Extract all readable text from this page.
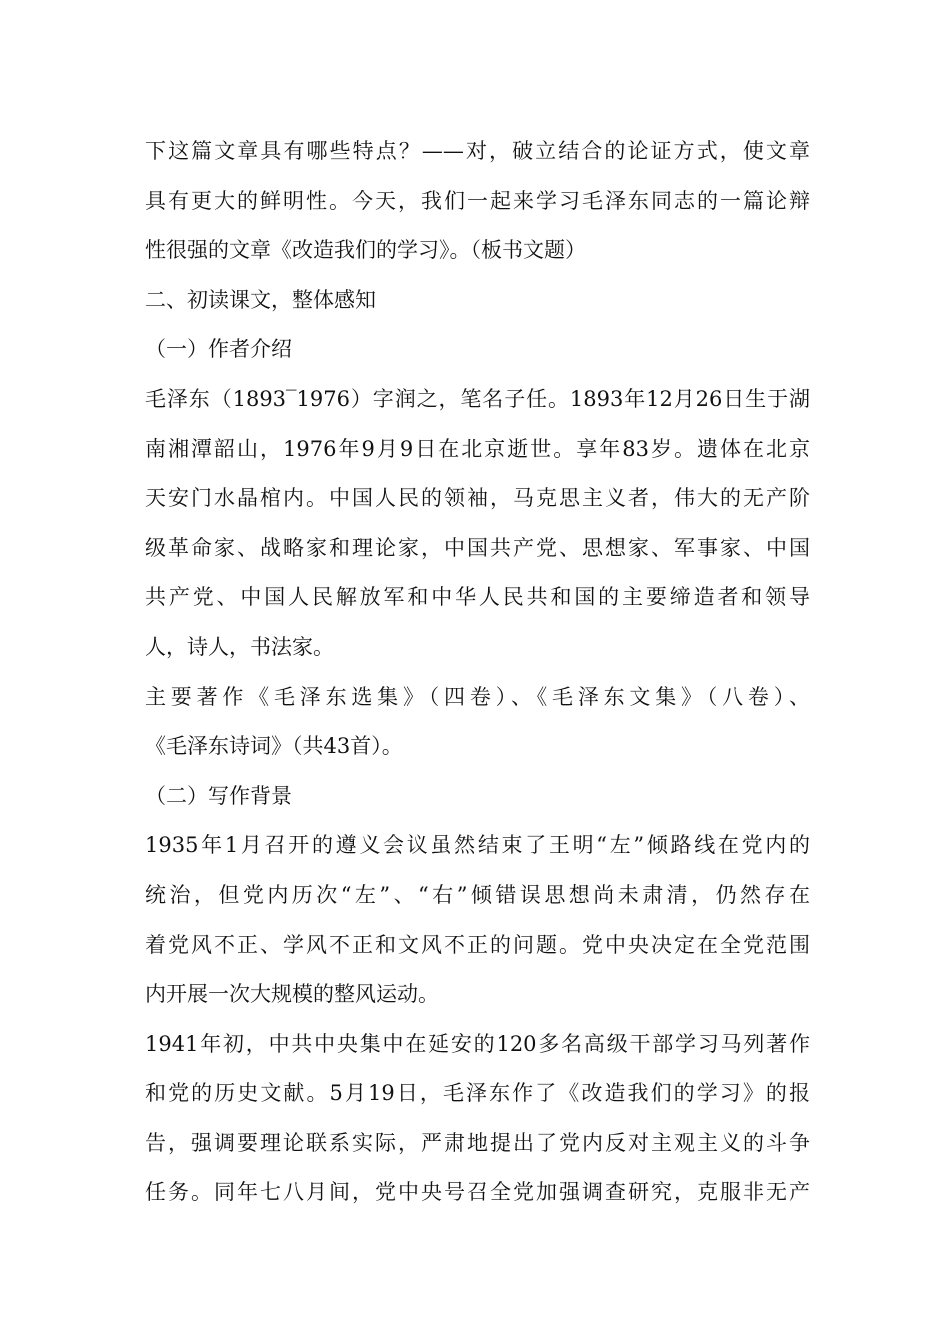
下这篇文章具有哪些特点？——对，破立结合的论证方式，使文章
具有更大的鲜明性。今天，我们一起来学习毛泽东同志的一篇论辩
性很强的文章《改造我们的学习》。（板书文题）
二、初读课文，整体感知
（一）作者介绍
毛泽东（1893‾1976）字润之，笔名子任。1893年12月26日生于湖
南湘潭韶山，1976年9月9日在北京逝世。享年83岁。遗体在北京
天安门水晶棺内。中国人民的领袖，马克思主义者，伟大的无产阶
级革命家、战略家和理论家，中国共产党、思想家、军事家、中国
共产党、中国人民解放军和中华人民共和国的主要缔造者和领导
人，诗人，书法家。
主要著作《毛泽东选集》（四卷）、《毛泽东文集》（八卷）、
《毛泽东诗词》（共43首）。
（二）写作背景
1935年1月召开的遵义会议虽然结束了王明“左”倾路线在党内的
统治，但党内历次“左”、“右”倾错误思想尚未肃清，仍然存在
着党风不正、学风不正和文风不正的问题。党中央决定在全党范围
内开展一次大规模的整风运动。
1941年初，中共中央集中在延安的120多名高级干部学习马列著作
和党的历史文献。5月19日，毛泽东作了《改造我们的学习》的报
告，强调要理论联系实际，严肃地提出了党内反对主观主义的斗争
任务。同年七八月间，党中央号召全党加强调查研究，克服非无产
